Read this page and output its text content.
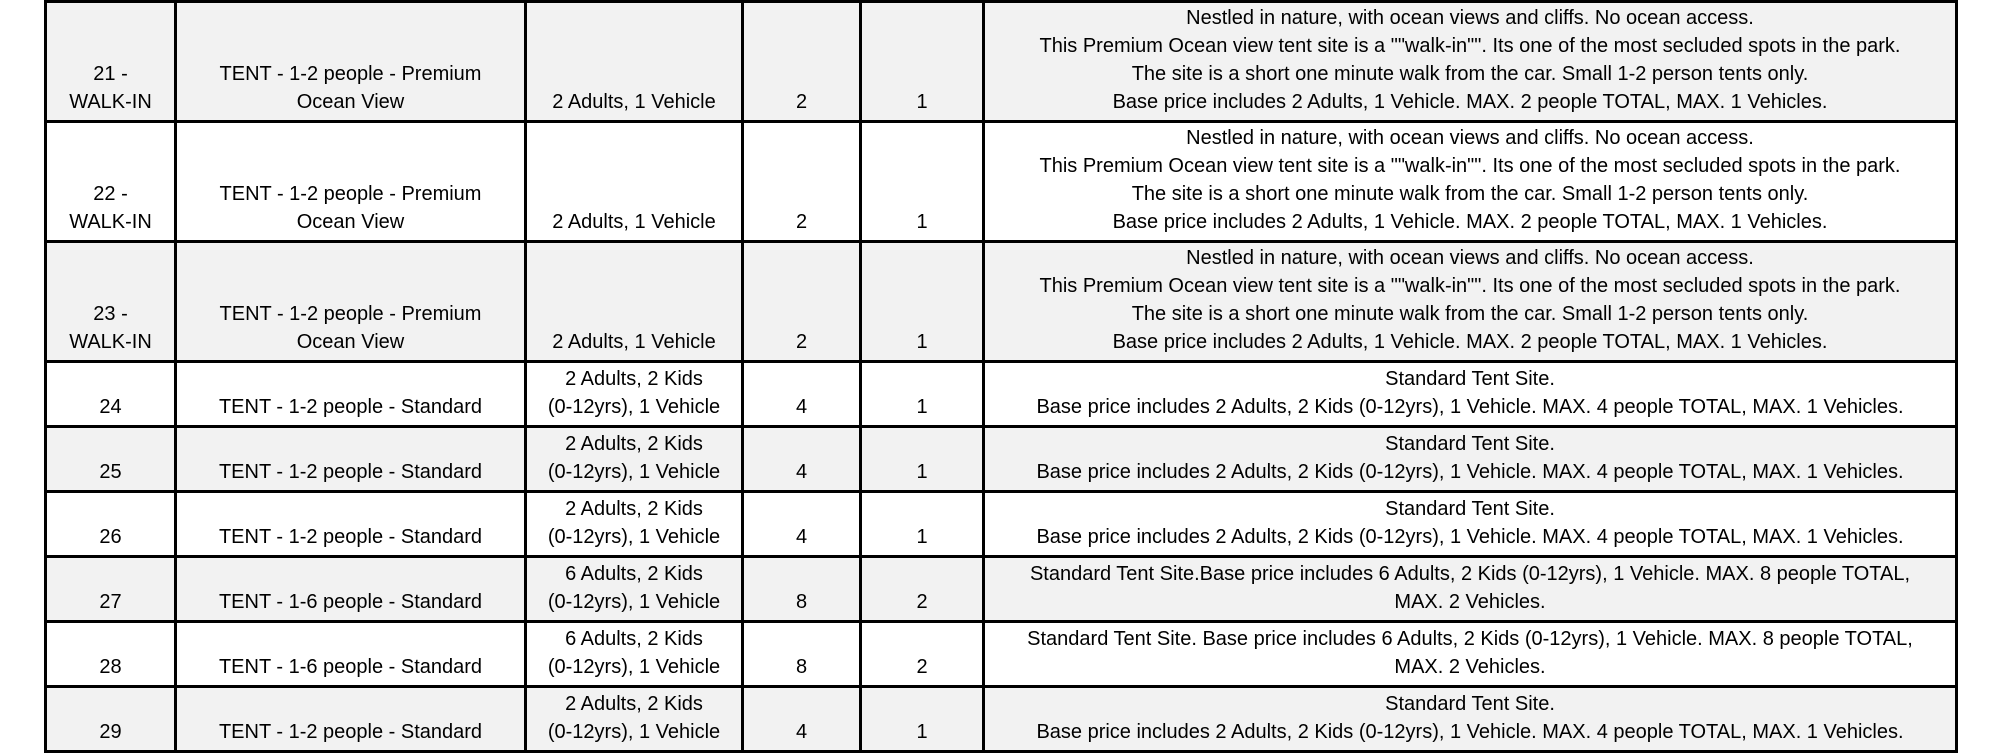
21 -
WALK-IN	TENT - 1-2 people - Premium
Ocean View	2 Adults, 1 Vehicle	2	1	Nestled in nature, with ocean views and cliffs. No ocean access.
This Premium Ocean view tent site is a ""walk-in"". Its one of the most secluded spots in the park.
The site is a short one minute walk from the car. Small 1-2 person tents only.
Base price includes 2 Adults, 1 Vehicle. MAX. 2 people TOTAL, MAX. 1 Vehicles.

22 -
WALK-IN	TENT - 1-2 people - Premium
Ocean View	2 Adults, 1 Vehicle	2	1	Nestled in nature, with ocean views and cliffs. No ocean access.
This Premium Ocean view tent site is a ""walk-in"". Its one of the most secluded spots in the park.
The site is a short one minute walk from the car. Small 1-2 person tents only.
Base price includes 2 Adults, 1 Vehicle. MAX. 2 people TOTAL, MAX. 1 Vehicles.

23 -
WALK-IN	TENT - 1-2 people - Premium
Ocean View	2 Adults, 1 Vehicle	2	1	Nestled in nature, with ocean views and cliffs. No ocean access.
This Premium Ocean view tent site is a ""walk-in"". Its one of the most secluded spots in the park.
The site is a short one minute walk from the car. Small 1-2 person tents only.
Base price includes 2 Adults, 1 Vehicle. MAX. 2 people TOTAL, MAX. 1 Vehicles.

24	TENT - 1-2 people - Standard	2 Adults, 2 Kids
(0-12yrs), 1 Vehicle	4	1	Standard Tent Site.
Base price includes 2 Adults, 2 Kids (0-12yrs), 1 Vehicle. MAX. 4 people TOTAL, MAX. 1 Vehicles.

25	TENT - 1-2 people - Standard	2 Adults, 2 Kids
(0-12yrs), 1 Vehicle	4	1	Standard Tent Site.
Base price includes 2 Adults, 2 Kids (0-12yrs), 1 Vehicle. MAX. 4 people TOTAL, MAX. 1 Vehicles.

26	TENT - 1-2 people - Standard	2 Adults, 2 Kids
(0-12yrs), 1 Vehicle	4	1	Standard Tent Site.
Base price includes 2 Adults, 2 Kids (0-12yrs), 1 Vehicle. MAX. 4 people TOTAL, MAX. 1 Vehicles.

27	TENT - 1-6 people - Standard	6 Adults, 2 Kids
(0-12yrs), 1 Vehicle	8	2	Standard Tent Site.Base price includes 6 Adults, 2 Kids (0-12yrs), 1 Vehicle. MAX. 8 people TOTAL,
MAX. 2 Vehicles.

28	TENT - 1-6 people - Standard	6 Adults, 2 Kids
(0-12yrs), 1 Vehicle	8	2	Standard Tent Site. Base price includes 6 Adults, 2 Kids (0-12yrs), 1 Vehicle. MAX. 8 people TOTAL,
MAX. 2 Vehicles.

29	TENT - 1-2 people - Standard	2 Adults, 2 Kids
(0-12yrs), 1 Vehicle	4	1	Standard Tent Site.
Base price includes 2 Adults, 2 Kids (0-12yrs), 1 Vehicle. MAX. 4 people TOTAL, MAX. 1 Vehicles.
